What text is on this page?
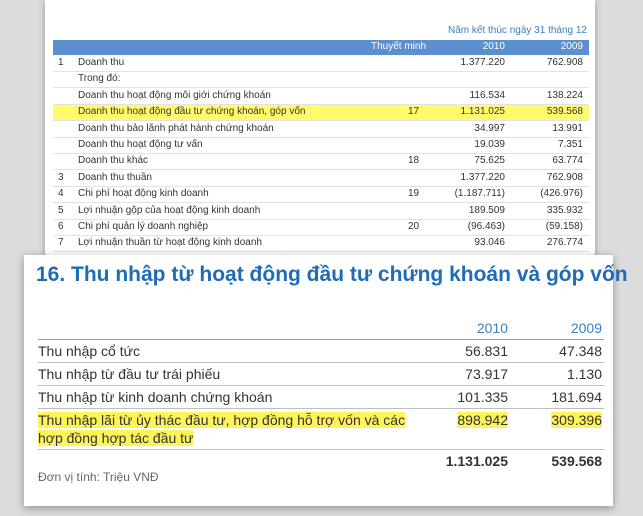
Năm kết thúc ngày 31 tháng 12
Thuyết minh	2010	2009
1 Doanh thu	1.377.220	762.908
Trong đó:
Doanh thu hoạt động môi giới chứng khoán	116.534	138.224
Doanh thu hoạt động đầu tư chứng khoán, góp vốn	17	1.131.025	539.568
Doanh thu bảo lãnh phát hành chứng khoán	34.997	13.991
Doanh thu hoạt động tư vấn	19.039	7.351
Doanh thu khác	18	75.625	63.774
3 Doanh thu thuần	1.377.220	762.908
4 Chi phí hoạt động kinh doanh	19	(1.187.711)	(426.976)
5 Lợi nhuận gộp của hoạt động kinh doanh	189.509	335.932
6 Chi phí quản lý doanh nghiệp	20	(96.463)	(59.158)
7 Lợi nhuận thuần từ hoạt động kinh doanh	93.046	276.774
16. Thu nhập từ hoạt động đầu tư chứng khoán và góp vốn
2010	2009
Thu nhập cổ tức	56.831	47.348
Thu nhập từ đầu tư trái phiếu	73.917	1.130
Thu nhập từ kinh doanh chứng khoán	101.335	181.694
Thu nhập lãi từ ủy thác đầu tư, hợp đồng hỗ trợ vốn và các
hợp đồng hợp tác đầu tư
898.942	309.396
1.131.025	539.568
Đơn vị tính: Triệu VNĐ
